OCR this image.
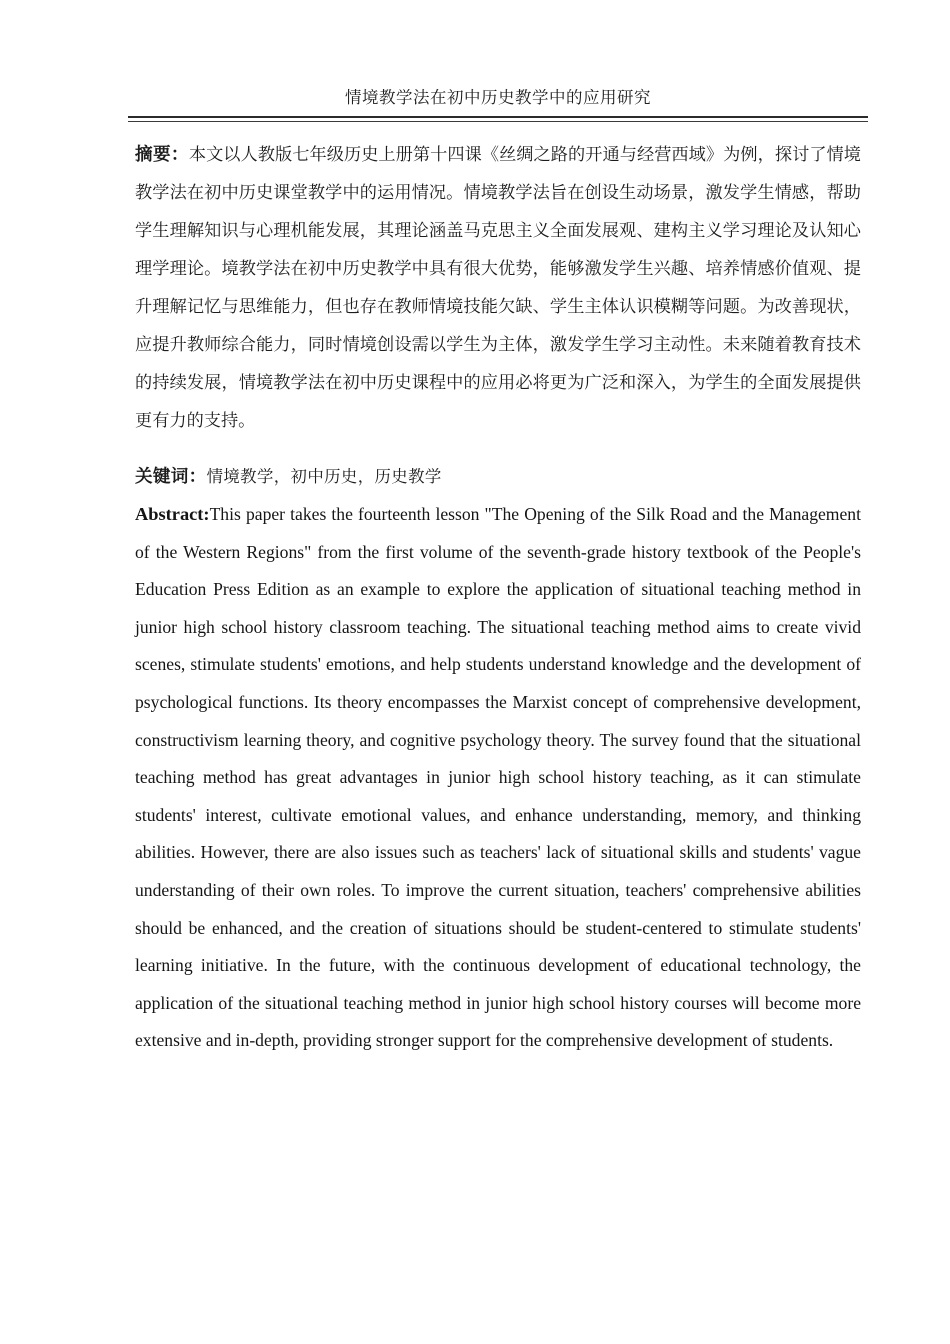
情境教学法在初中历史教学中的应用研究

摘要：本文以人教版七年级历史上册第十四课《丝绸之路的开通与经营西域》为例，探讨了情境教学法在初中历史课堂教学中的运用情况。情境教学法旨在创设生动场景，激发学生情感，帮助学生理解知识与心理机能发展，其理论涵盖马克思主义全面发展观、建构主义学习理论及认知心理学理论。境教学法在初中历史教学中具有很大优势，能够激发学生兴趣、培养情感价值观、提升理解记忆与思维能力，但也存在教师情境技能欠缺、学生主体认识模糊等问题。为改善现状，应提升教师综合能力，同时情境创设需以学生为主体，激发学生学习主动性。未来随着教育技术的持续发展，情境教学法在初中历史课程中的应用必将更为广泛和深入，为学生的全面发展提供更有力的支持。

关键词：情境教学，初中历史，历史教学

Abstract:This paper takes the fourteenth lesson "The Opening of the Silk Road and the Management of the Western Regions" from the first volume of the seventh-grade history textbook of the People's Education Press Edition as an example to explore the application of situational teaching method in junior high school history classroom teaching. The situational teaching method aims to create vivid scenes, stimulate students' emotions, and help students understand knowledge and the development of psychological functions. Its theory encompasses the Marxist concept of comprehensive development, constructivism learning theory, and cognitive psychology theory. The survey found that the situational teaching method has great advantages in junior high school history teaching, as it can stimulate students' interest, cultivate emotional values, and enhance understanding, memory, and thinking abilities. However, there are also issues such as teachers' lack of situational skills and students' vague understanding of their own roles. To improve the current situation, teachers' comprehensive abilities should be enhanced, and the creation of situations should be student-centered to stimulate students' learning initiative. In the future, with the continuous development of educational technology, the application of the situational teaching method in junior high school history courses will become more extensive and in-depth, providing stronger support for the comprehensive development of students.
